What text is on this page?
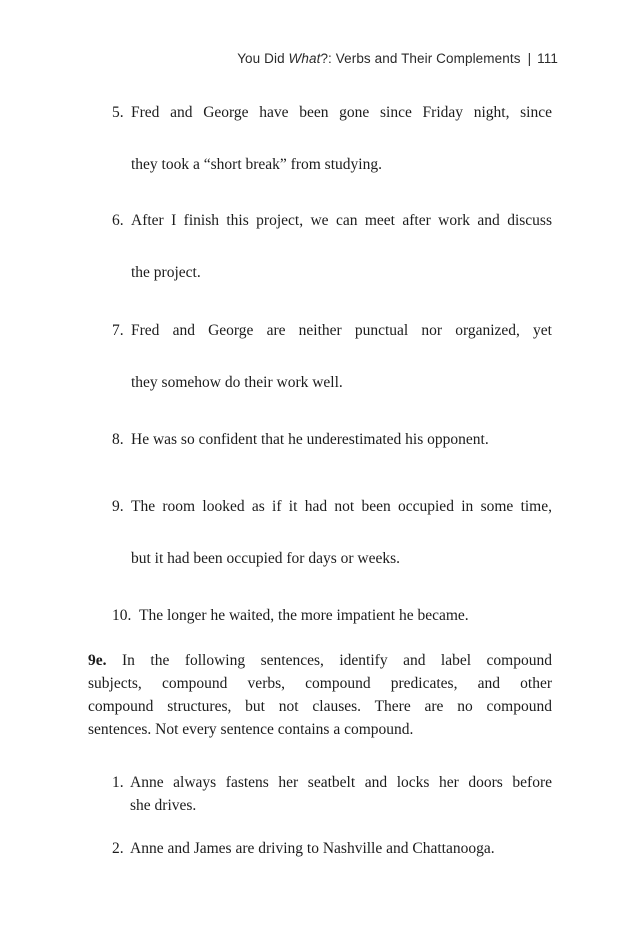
You Did What?: Verbs and Their Complements | 111
5. Fred and George have been gone since Friday night, since
they took a “short break” from studying.
6. After I finish this project, we can meet after work and discuss
the project.
7. Fred and George are neither punctual nor organized, yet
they somehow do their work well.
8. He was so confident that he underestimated his opponent.
9. The room looked as if it had not been occupied in some time,
but it had been occupied for days or weeks.
10. The longer he waited, the more impatient he became.
9e. In the following sentences, identify and label compound
subjects, compound verbs, compound predicates, and other
compound structures, but not clauses. There are no compound
sentences. Not every sentence contains a compound.
1. Anne always fastens her seatbelt and locks her doors before
she drives.
2. Anne and James are driving to Nashville and Chattanooga.
